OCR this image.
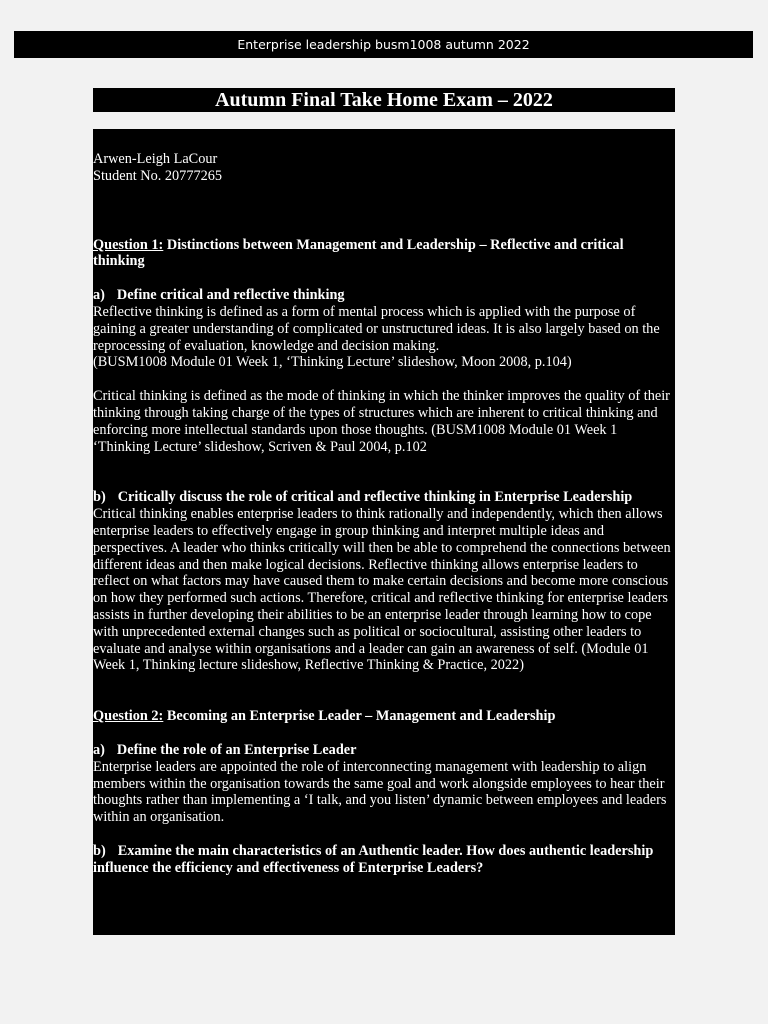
Enterprise leadership busm1008 autumn 2022
Autumn Final Take Home Exam – 2022

Arwen-Leigh LaCour

Student No. 20777265

Question 1: Distinctions between Management and Leadership – Reflective and critical thinking

a) Define critical and reflective thinking

Reflective thinking is defined as a form of mental process which is applied with the purpose of gaining a greater understanding of complicated or unstructured ideas. It is also largely based on the reprocessing of evaluation, knowledge and decision making.

(BUSM1008 Module 01 Week 1, ‘Thinking Lecture’ slideshow, Moon 2008, p.104)

Critical thinking is defined as the mode of thinking in which the thinker improves the quality of their thinking through taking charge of the types of structures which are inherent to critical thinking and enforcing more intellectual standards upon those thoughts. (BUSM1008 Module 01 Week 1 ‘Thinking Lecture’ slideshow, Scriven & Paul 2004, p.102

b) Critically discuss the role of critical and reflective thinking in Enterprise Leadership

Critical thinking enables enterprise leaders to think rationally and independently, which then allows enterprise leaders to effectively engage in group thinking and interpret multiple ideas and perspectives. A leader who thinks critically will then be able to comprehend the connections between different ideas and then make logical decisions. Reflective thinking allows enterprise leaders to reflect on what factors may have caused them to make certain decisions and become more conscious on how they performed such actions. Therefore, critical and reflective thinking for enterprise leaders assists in further developing their abilities to be an enterprise leader through learning how to cope with unprecedented external changes such as political or sociocultural, assisting other leaders to evaluate and analyse within organisations and a leader can gain an awareness of self. (Module 01 Week 1, Thinking lecture slideshow, Reflective Thinking & Practice, 2022)

Question 2: Becoming an Enterprise Leader – Management and Leadership

a) Define the role of an Enterprise Leader

Enterprise leaders are appointed the role of interconnecting management with leadership to align members within the organisation towards the same goal and work alongside employees to hear their thoughts rather than implementing a ‘I talk, and you listen’ dynamic between employees and leaders within an organisation.

b) Examine the main characteristics of an Authentic leader. How does authentic leadership influence the efficiency and effectiveness of Enterprise Leaders?
